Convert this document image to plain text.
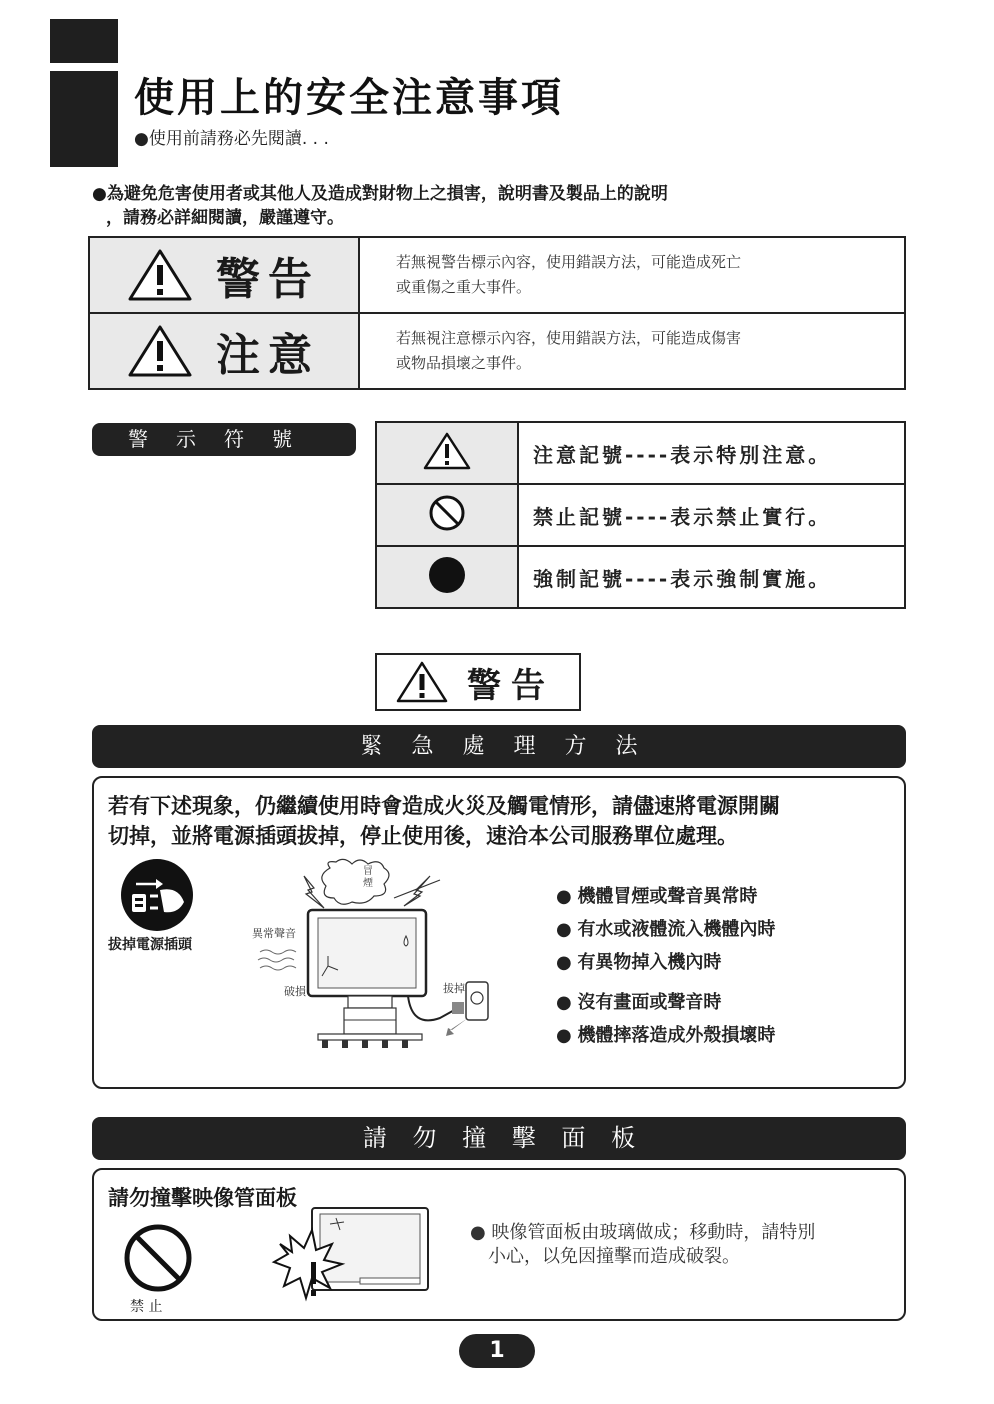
使用上的安全注意事項
●使用前請務必先閱讀. . .
●為避免危害使用者或其他人及造成對財物上之損害，說明書及製品上的說明
，請務必詳細閱讀，嚴謹遵守。
警告	若無視警告標示內容，使用錯誤方法，可能造成死亡
或重傷之重大事件。

注意	若無視注意標示內容，使用錯誤方法，可能造成傷害
或物品損壞之事件。
警示符號
	注意記號----表示特別注意。
	禁止記號----表示禁止實行。
	強制記號----表示強制實施。
警告
緊 急 處 理 方 法
若有下述現象，仍繼續使用時會造成火災及觸電情形，請儘速將電源開關
切掉，並將電源插頭拔掉，停止使用後，速洽本公司服務單位處理。
拔掉電源插頭
冒煙
異常聲音
破損	拔掉
● 機體冒煙或聲音異常時
● 有水或液體流入機體內時
● 有異物掉入機內時
● 沒有畫面或聲音時
● 機體摔落造成外殼損壞時
請 勿 撞 擊 面 板
請勿撞擊映像管面板
禁 止
● 映像管面板由玻璃做成；移動時，請特別
小心，以免因撞擊而造成破裂。
1
